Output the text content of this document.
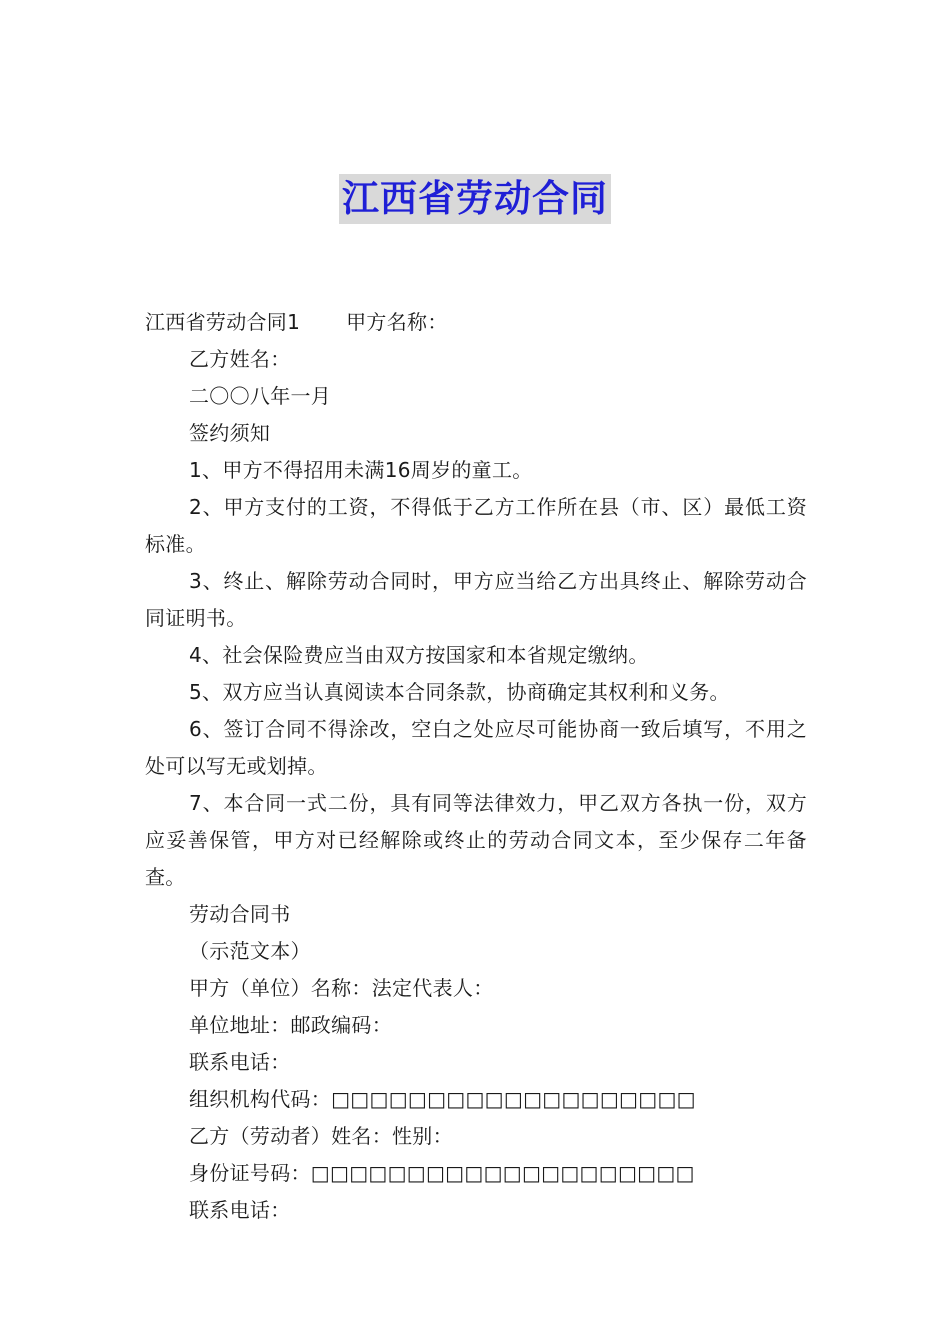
江西省劳动合同
江西省劳动合同1 甲方名称：
乙方姓名：
二〇〇八年一月
签约须知
1、甲方不得招用未满16周岁的童工。
2、甲方支付的工资，不得低于乙方工作所在县（市、区）最低工资标准。
3、终止、解除劳动合同时，甲方应当给乙方出具终止、解除劳动合同证明书。
4、社会保险费应当由双方按国家和本省规定缴纳。
5、双方应当认真阅读本合同条款，协商确定其权利和义务。
6、签订合同不得涂改，空白之处应尽可能协商一致后填写，不用之处可以写无或划掉。
7、本合同一式二份，具有同等法律效力，甲乙双方各执一份，双方应妥善保管，甲方对已经解除或终止的劳动合同文本，至少保存二年备查。
劳动合同书
（示范文本）
甲方（单位）名称：法定代表人：
单位地址：邮政编码：
联系电话：
组织机构代码：□□□□□□□□□□□□□□□□□□□
乙方（劳动者）姓名：性别：
身份证号码：□□□□□□□□□□□□□□□□□□□□
联系电话：
